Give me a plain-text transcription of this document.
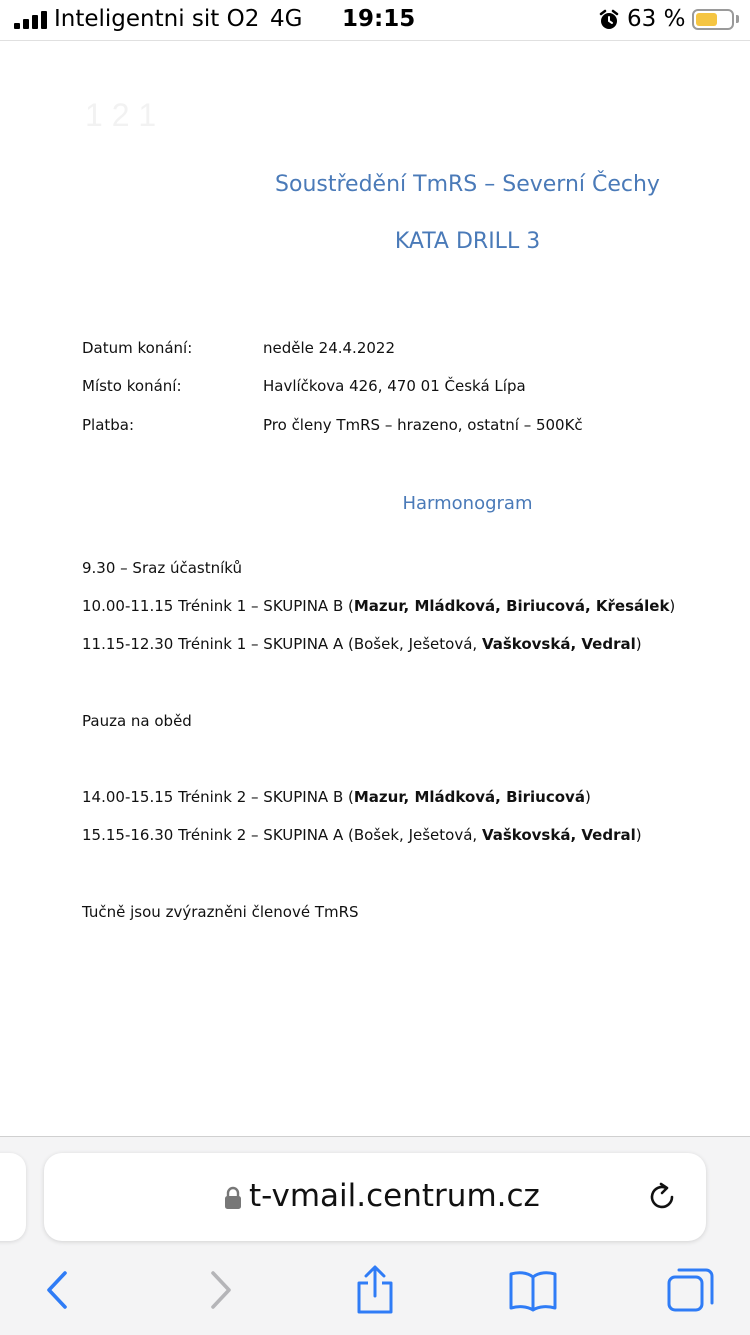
Inteligentni sit O2 4G 19:15	63 %
1 2 1
Soustředění TmRS – Severní Čechy
KATA DRILL 3
Datum konání:	neděle 24.4.2022
Místo konání:	Havlíčkova 426, 470 01 Česká Lípa
Platba:	Pro členy TmRS – hrazeno, ostatní – 500Kč
Harmonogram
9.30 – Sraz účastníků
10.00-11.15 Trénink 1 – SKUPINA B (Mazur, Mládková, Biriucová, Křesálek)
11.15-12.30 Trénink 1 – SKUPINA A (Bošek, Ješetová, Vaškovská, Vedral)
Pauza na oběd
14.00-15.15 Trénink 2 – SKUPINA B (Mazur, Mládková, Biriucová)
15.15-16.30 Trénink 2 – SKUPINA A (Bošek, Ješetová, Vaškovská, Vedral)
Tučně jsou zvýrazněni členové TmRS
t-vmail.centrum.cz
